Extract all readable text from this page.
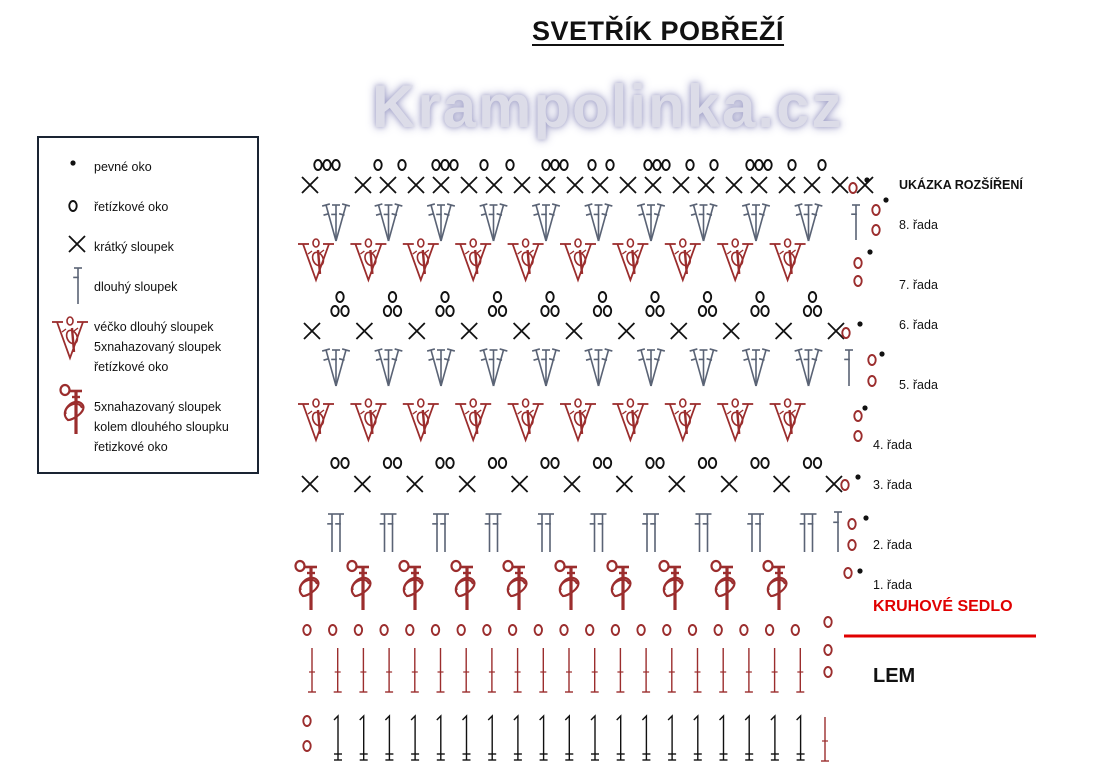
SVETŘÍK POBŘEŽÍ
Krampolinka.cz
pevné oko
řetízkové oko
krátký sloupek
dlouhý sloupek
véčko dlouhý sloupek
5xnahazovaný sloupek
řetízkové oko
5xnahazovaný sloupek
kolem dlouhého sloupku
řetizkové oko
UKÁZKA ROZŠÍŘENÍ
8. řada
7. řada
6. řada
5. řada
4. řada
3. řada
2. řada
1. řada
KRUHOVÉ SEDLO
LEM
